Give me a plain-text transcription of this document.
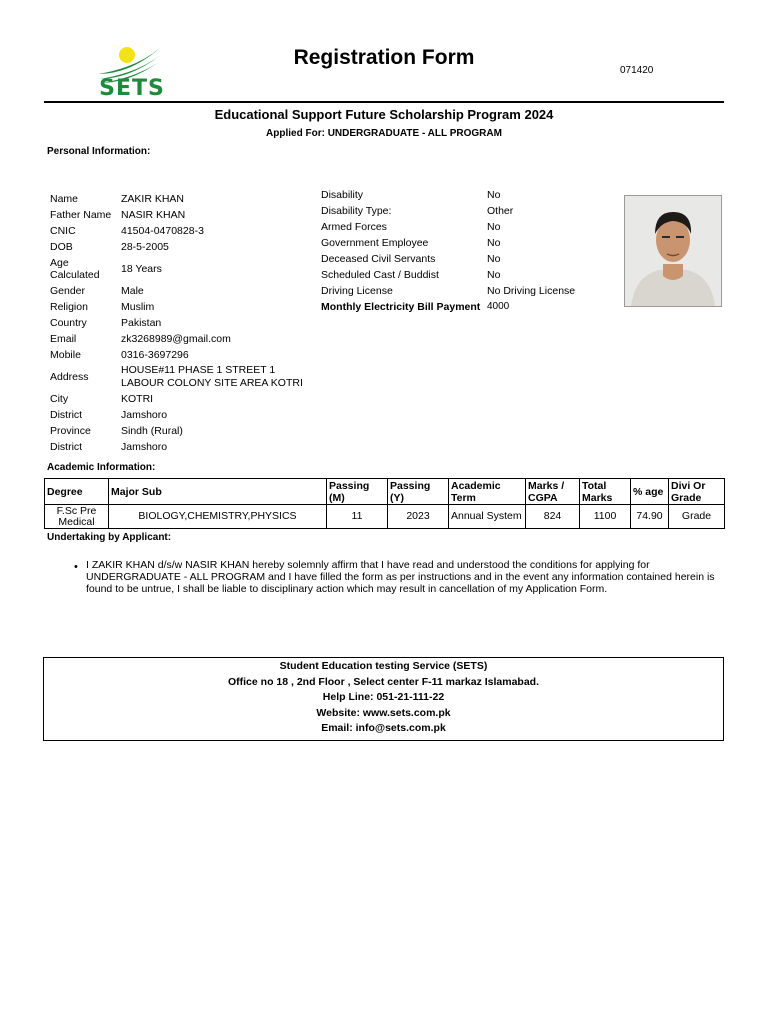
SETS
Registration Form
071420
Educational Support Future Scholarship Program 2024
Applied For: UNDERGRADUATE - ALL PROGRAM
Personal Information:
Name	ZAKIR KHAN
Father Name NASIR KHAN
CNIC	41504-0470828-3
DOB	28-5-2005
Age
Calculated 18 Years
Gender	Male
Religion	Muslim
Country	Pakistan
Email	zk3268989@gmail.com
Mobile	0316-3697296
Address
HOUSE#11 PHASE 1 STREET 1
LABOUR COLONY SITE AREA KOTRI
City	KOTRI
District	Jamshoro
Province	Sindh (Rural)
District	Jamshoro
Disability	No
Disability Type:	Other
Armed Forces	No
Government Employee	No
Deceased Civil Servants	No
Scheduled Cast / Buddist	No
Driving License	No Driving License
Monthly Electricity Bill Payment 4000
Academic Information:
Degree	Major Sub	Passing (M)	Passing (Y)	Academic Term	Marks / CGPA	Total Marks	% age	Divi Or Grade
F.Sc Pre Medical	BIOLOGY,CHEMISTRY,PHYSICS	11	2023	Annual System	824	1100	74.90	Grade
Undertaking by Applicant:
• I ZAKIR KHAN d/s/w NASIR KHAN hereby solemnly affirm that I have read and understood the conditions for applying for UNDERGRADUATE - ALL PROGRAM and I have filled the form as per instructions and in the event any information contained herein is found to be untrue, I shall be liable to disciplinary action which may result in cancellation of my Application Form.
Student Education testing Service (SETS)
Office no 18 , 2nd Floor , Select center F-11 markaz Islamabad.
Help Line: 051-21-111-22
Website: www.sets.com.pk
Email: info@sets.com.pk
